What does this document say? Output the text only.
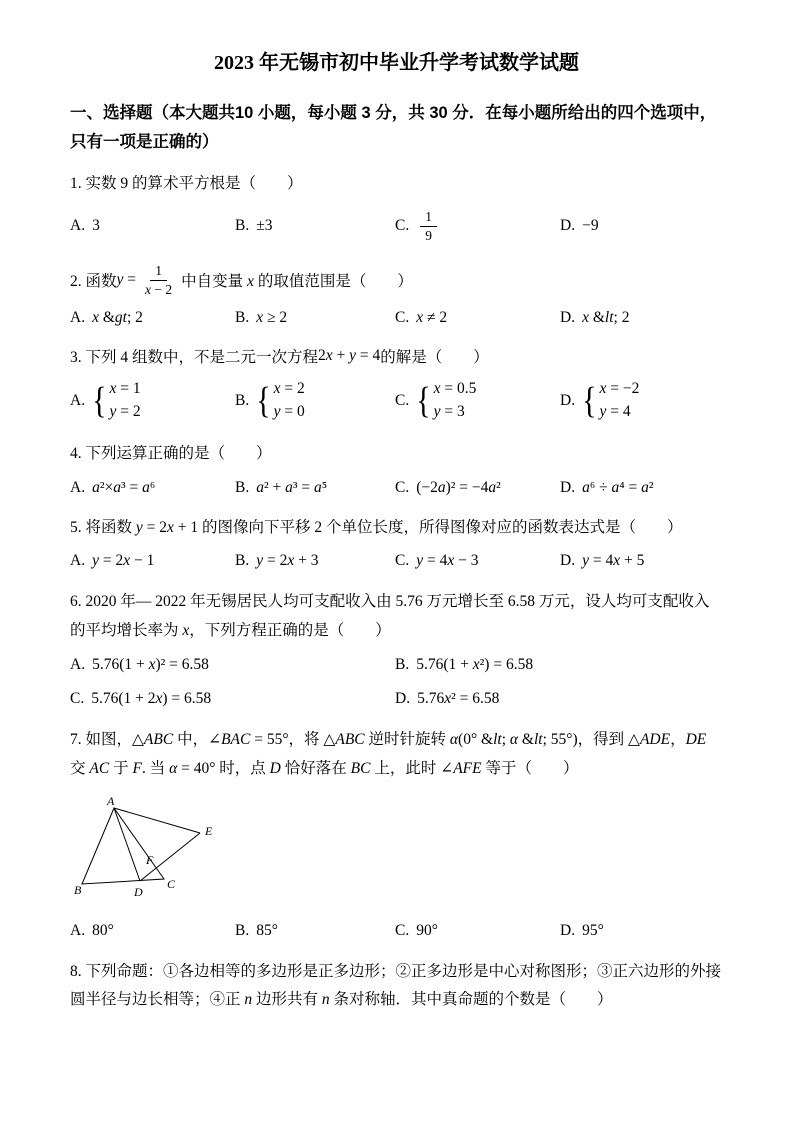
2023 年无锡市初中毕业升学考试数学试题

一、选择题（本大题共10 小题，每小题 3 分，共 30 分．在每小题所给出的四个选项中，只有一项是正确的）

1. 实数 9 的算术平方根是（　　）

A. 3	B. ±3	C. $\frac{1}{9}$	D. −9

2. 函数 $y = \frac{1}{x - 2}$ 中自变量 x 的取值范围是（　　）

A. x &gt; 2	B. x ≥ 2	C. x ≠ 2	D. x &lt; 2

3. 下列 4 组数中，不是二元一次方程 2x + y = 4 的解是（　　）

A. { x = 1
y = 2
B. { x = 2
y = 0
C. { x = 0.5
y = 3
D. { x = −2
y = 4

4. 下列运算正确的是（　　）

A. a²×a³ = a⁶	B. a² + a³ = a⁵	C. (−2a)² = −4a²	D. a⁶ ÷ a⁴ = a²

5. 将函数 y = 2x + 1 的图像向下平移 2 个单位长度，所得图像对应的函数表达式是（　　）

A. y = 2x − 1	B. y = 2x + 3	C. y = 4x − 3	D. y = 4x + 5

6. 2020 年— 2022 年无锡居民人均可支配收入由 5.76 万元增长至 6.58 万元，设人均可支配收入的平均增长率为 x，下列方程正确的是（　　）

A. 5.76(1 + x)² = 6.58	B. 5.76(1 + x²) = 6.58
C. 5.76(1 + 2x) = 6.58	D. 5.76x² = 6.58

7. 如图，△ABC 中，∠BAC = 55°，将 △ABC 逆时针旋转 α(0° &lt; α &lt; 55°)，得到 △ADE，DE 交 AC 于 F. 当 α = 40° 时，点 D 恰好落在 BC 上，此时 ∠AFE 等于（　　）

A
B	C
D
E
F
A. 80°	B. 85°	C. 90°	D. 95°

8. 下列命题：①各边相等的多边形是正多边形；②正多边形是中心对称图形；③正六边形的外接圆半径与边长相等；④正 n 边形共有 n 条对称轴．其中真命题的个数是（　　）
